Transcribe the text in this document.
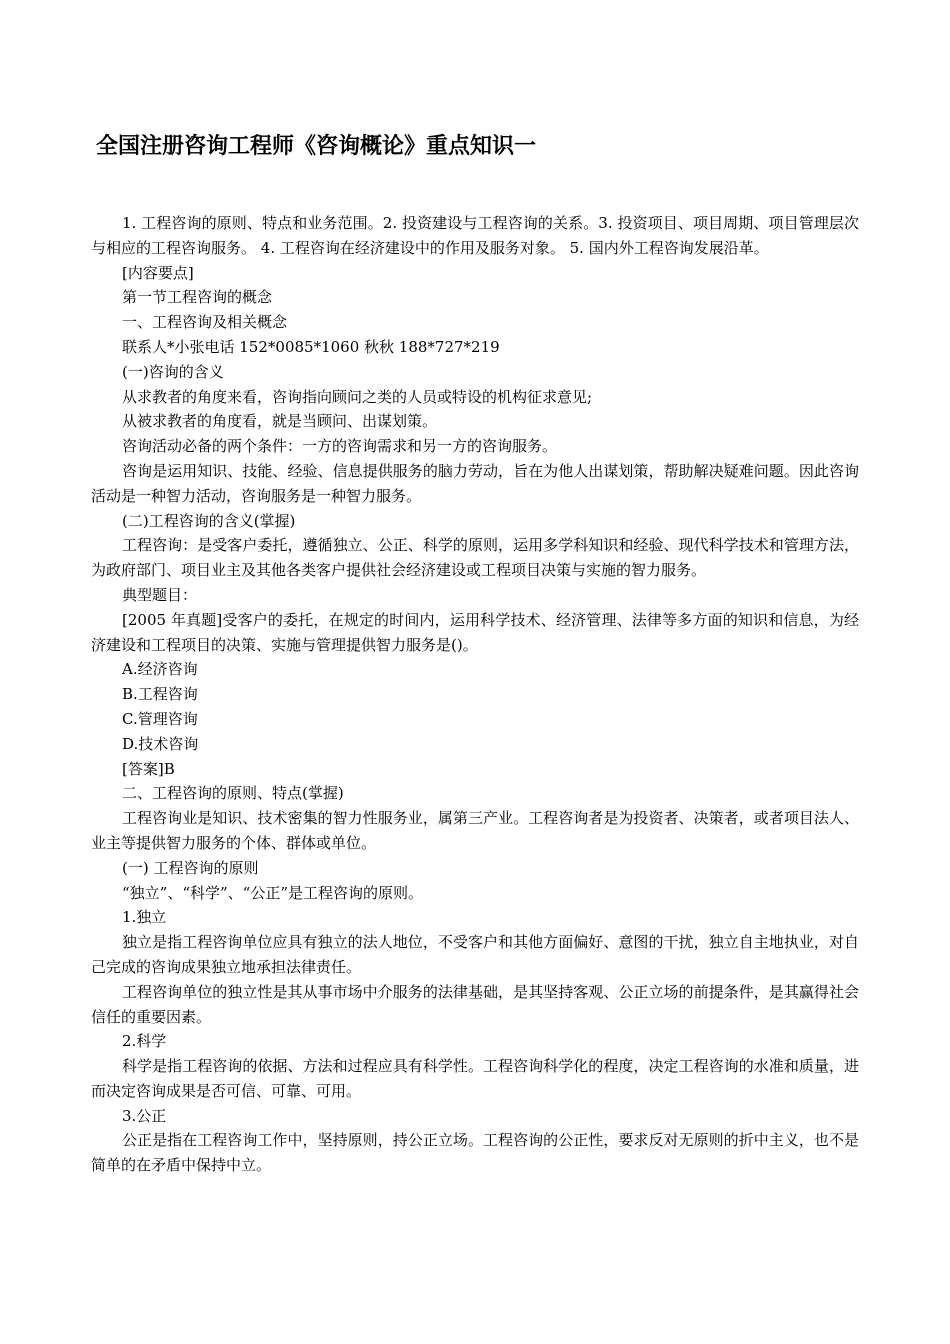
全国注册咨询工程师《咨询概论》重点知识一

1. 工程咨询的原则、特点和业务范围。2. 投资建设与工程咨询的关系。3. 投资项目、项目周期、项目管理层次与相应的工程咨询服务。 4. 工程咨询在经济建设中的作用及服务对象。 5. 国内外工程咨询发展沿革。

[内容要点]

第一节工程咨询的概念

一、工程咨询及相关概念

联系人*小张电话 152*0085*1060 秋秋 188*727*219

(一)咨询的含义

从求教者的角度来看，咨询指向顾问之类的人员或特设的机构征求意见;

从被求教者的角度看，就是当顾问、出谋划策。

咨询活动必备的两个条件：一方的咨询需求和另一方的咨询服务。

咨询是运用知识、技能、经验、信息提供服务的脑力劳动，旨在为他人出谋划策，帮助解决疑难问题。因此咨询活动是一种智力活动，咨询服务是一种智力服务。

(二)工程咨询的含义(掌握)

工程咨询：是受客户委托，遵循独立、公正、科学的原则，运用多学科知识和经验、现代科学技术和管理方法，为政府部门、项目业主及其他各类客户提供社会经济建设或工程项目决策与实施的智力服务。

典型题目：

[2005 年真题]受客户的委托，在规定的时间内，运用科学技术、经济管理、法律等多方面的知识和信息，为经济建设和工程项目的决策、实施与管理提供智力服务是()。

A.经济咨询

B.工程咨询

C.管理咨询

D.技术咨询

[答案]B

二、工程咨询的原则、特点(掌握)

工程咨询业是知识、技术密集的智力性服务业，属第三产业。工程咨询者是为投资者、决策者，或者项目法人、业主等提供智力服务的个体、群体或单位。

(一) 工程咨询的原则

“独立”、“科学”、“公正”是工程咨询的原则。

1.独立

独立是指工程咨询单位应具有独立的法人地位，不受客户和其他方面偏好、意图的干扰，独立自主地执业，对自己完成的咨询成果独立地承担法律责任。

工程咨询单位的独立性是其从事市场中介服务的法律基础，是其坚持客观、公正立场的前提条件，是其赢得社会信任的重要因素。

2.科学

科学是指工程咨询的依据、方法和过程应具有科学性。工程咨询科学化的程度，决定工程咨询的水准和质量，进而决定咨询成果是否可信、可靠、可用。

3.公正

公正是指在工程咨询工作中，坚持原则，持公正立场。工程咨询的公正性，要求反对无原则的折中主义，也不是简单的在矛盾中保持中立。
